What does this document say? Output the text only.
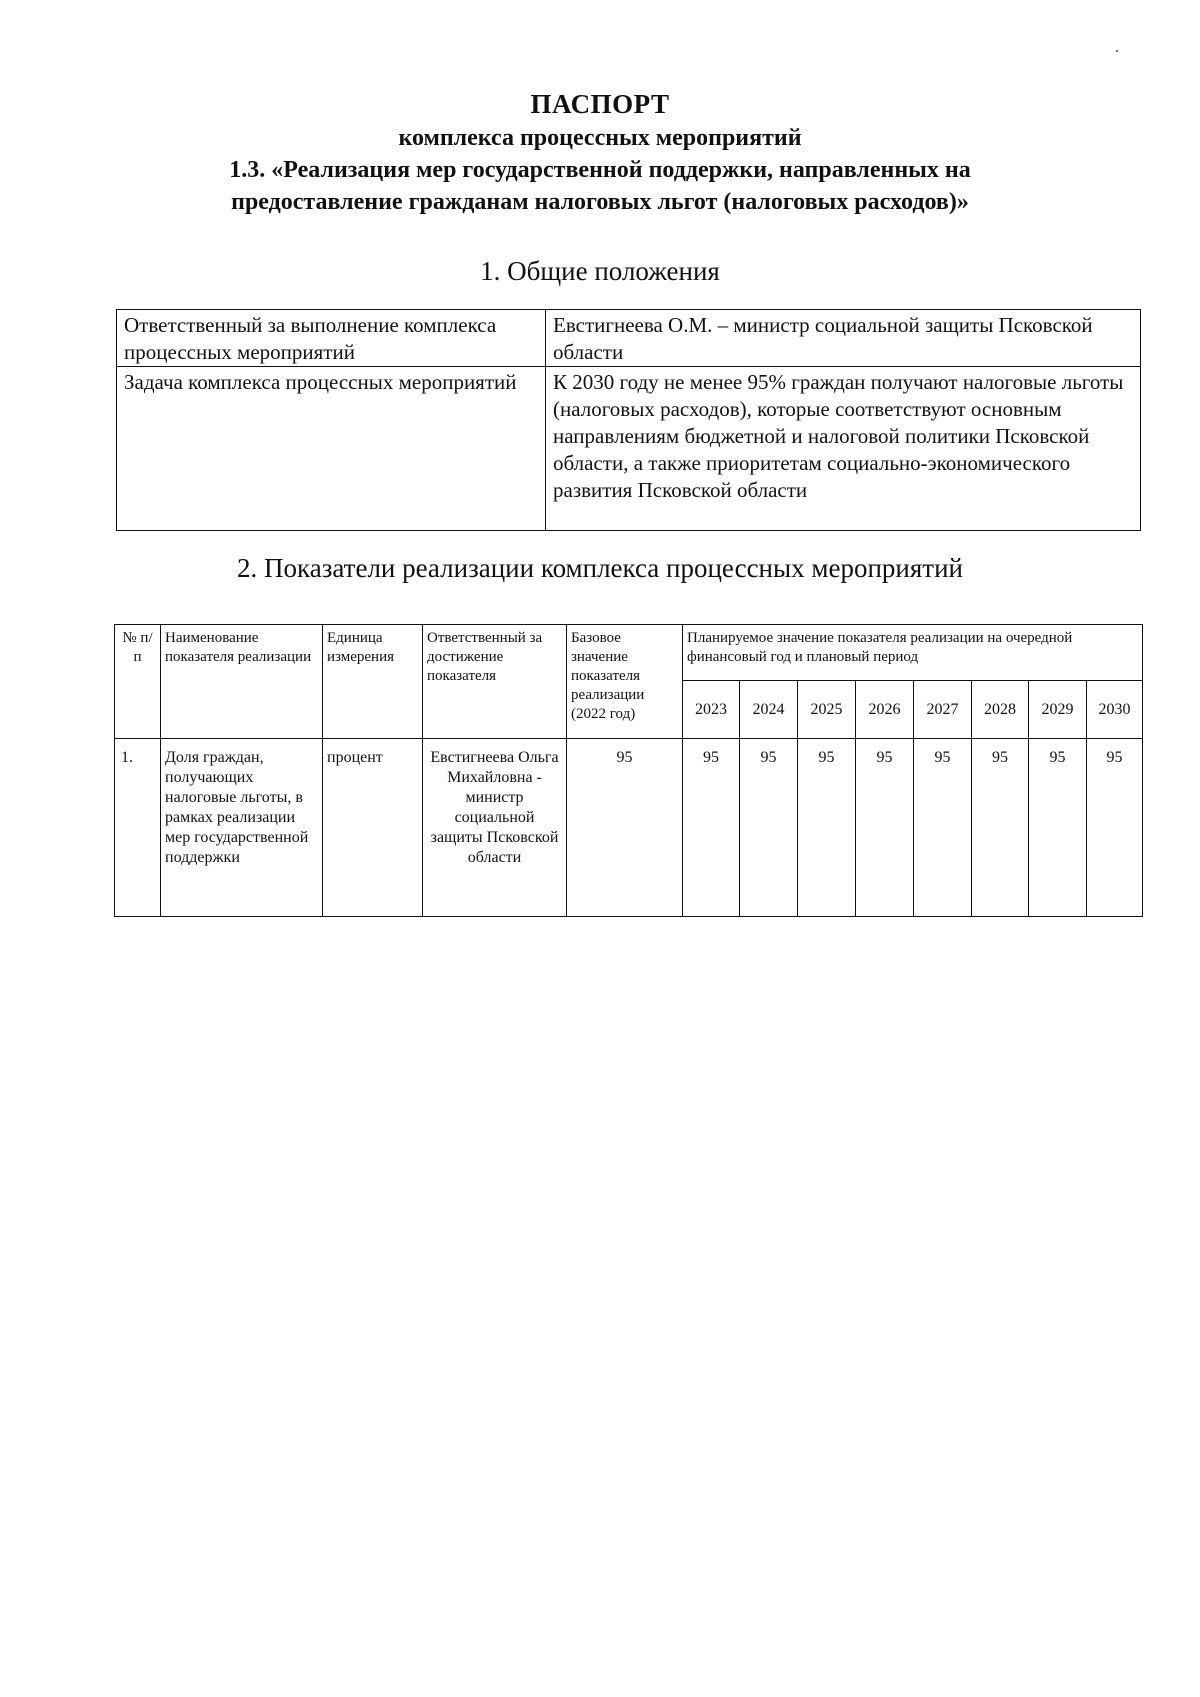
ПАСПОРТ
комплекса процессных мероприятий
1.3. «Реализация мер государственной поддержки, направленных на
предоставление гражданам налоговых льгот (налоговых расходов)»
1. Общие положения
Ответственный за выполнение комплекса процессных мероприятий	Евстигнеева О.М. – министр социальной защиты Псковской области
Задача комплекса процессных мероприятий	К 2030 году не менее 95% граждан получают налоговые льготы (налоговых расходов), которые соответствуют основным направлениям бюджетной и налоговой политики Псковской области, а также приоритетам социально-экономического развития Псковской области
2. Показатели реализации комплекса процессных мероприятий
№ п/п	Наименование показателя реализации	Единица измерения	Ответственный за достижение показателя	Базовое значение показателя реализации (2022 год)	Планируемое значение показателя реализации на очередной финансовый год и плановый период							
					2023	2024	2025	2026	2027	2028	2029	2030
1.	Доля граждан, получающих налоговые льготы, в рамках реализации мер государственной поддержки	процент	Евстигнеева Ольга Михайловна - министр социальной защиты Псковской области	95	95	95	95	95	95	95	95	95
